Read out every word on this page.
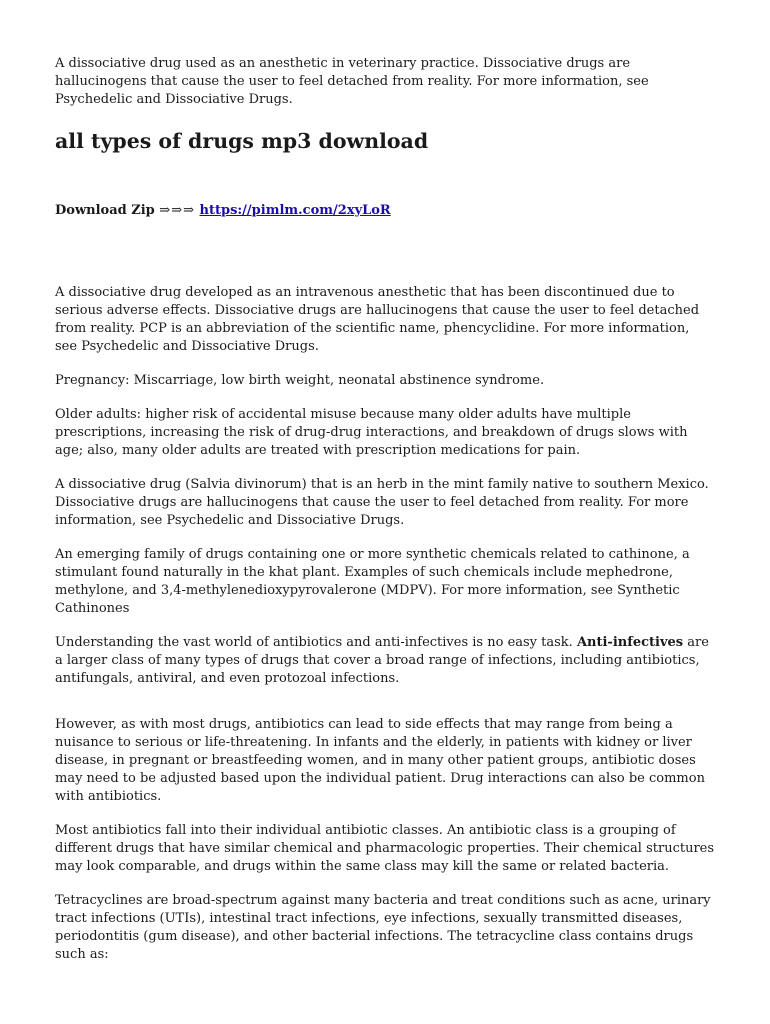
A dissociative drug used as an anesthetic in veterinary practice. Dissociative drugs are hallucinogens that cause the user to feel detached from reality. For more information, see Psychedelic and Dissociative Drugs.

all types of drugs mp3 download
Download Zip ⇒⇒⇒ https://pimlm.com/2xyLoR

A dissociative drug developed as an intravenous anesthetic that has been discontinued due to serious adverse effects. Dissociative drugs are hallucinogens that cause the user to feel detached from reality. PCP is an abbreviation of the scientific name, phencyclidine. For more information, see Psychedelic and Dissociative Drugs.

Pregnancy: Miscarriage, low birth weight, neonatal abstinence syndrome.

Older adults: higher risk of accidental misuse because many older adults have multiple prescriptions, increasing the risk of drug-drug interactions, and breakdown of drugs slows with age; also, many older adults are treated with prescription medications for pain.

A dissociative drug (Salvia divinorum) that is an herb in the mint family native to southern Mexico. Dissociative drugs are hallucinogens that cause the user to feel detached from reality. For more information, see Psychedelic and Dissociative Drugs.

An emerging family of drugs containing one or more synthetic chemicals related to cathinone, a stimulant found naturally in the khat plant. Examples of such chemicals include mephedrone, methylone, and 3,4-methylenedioxypyrovalerone (MDPV). For more information, see Synthetic Cathinones

Understanding the vast world of antibiotics and anti-infectives is no easy task. Anti-infectives are a larger class of many types of drugs that cover a broad range of infections, including antibiotics, antifungals, antiviral, and even protozoal infections.

However, as with most drugs, antibiotics can lead to side effects that may range from being a nuisance to serious or life-threatening. In infants and the elderly, in patients with kidney or liver disease, in pregnant or breastfeeding women, and in many other patient groups, antibiotic doses may need to be adjusted based upon the individual patient. Drug interactions can also be common with antibiotics.

Most antibiotics fall into their individual antibiotic classes. An antibiotic class is a grouping of different drugs that have similar chemical and pharmacologic properties. Their chemical structures may look comparable, and drugs within the same class may kill the same or related bacteria.

Tetracyclines are broad-spectrum against many bacteria and treat conditions such as acne, urinary tract infections (UTIs), intestinal tract infections, eye infections, sexually transmitted diseases, periodontitis (gum disease), and other bacterial infections. The tetracycline class contains drugs such as:
